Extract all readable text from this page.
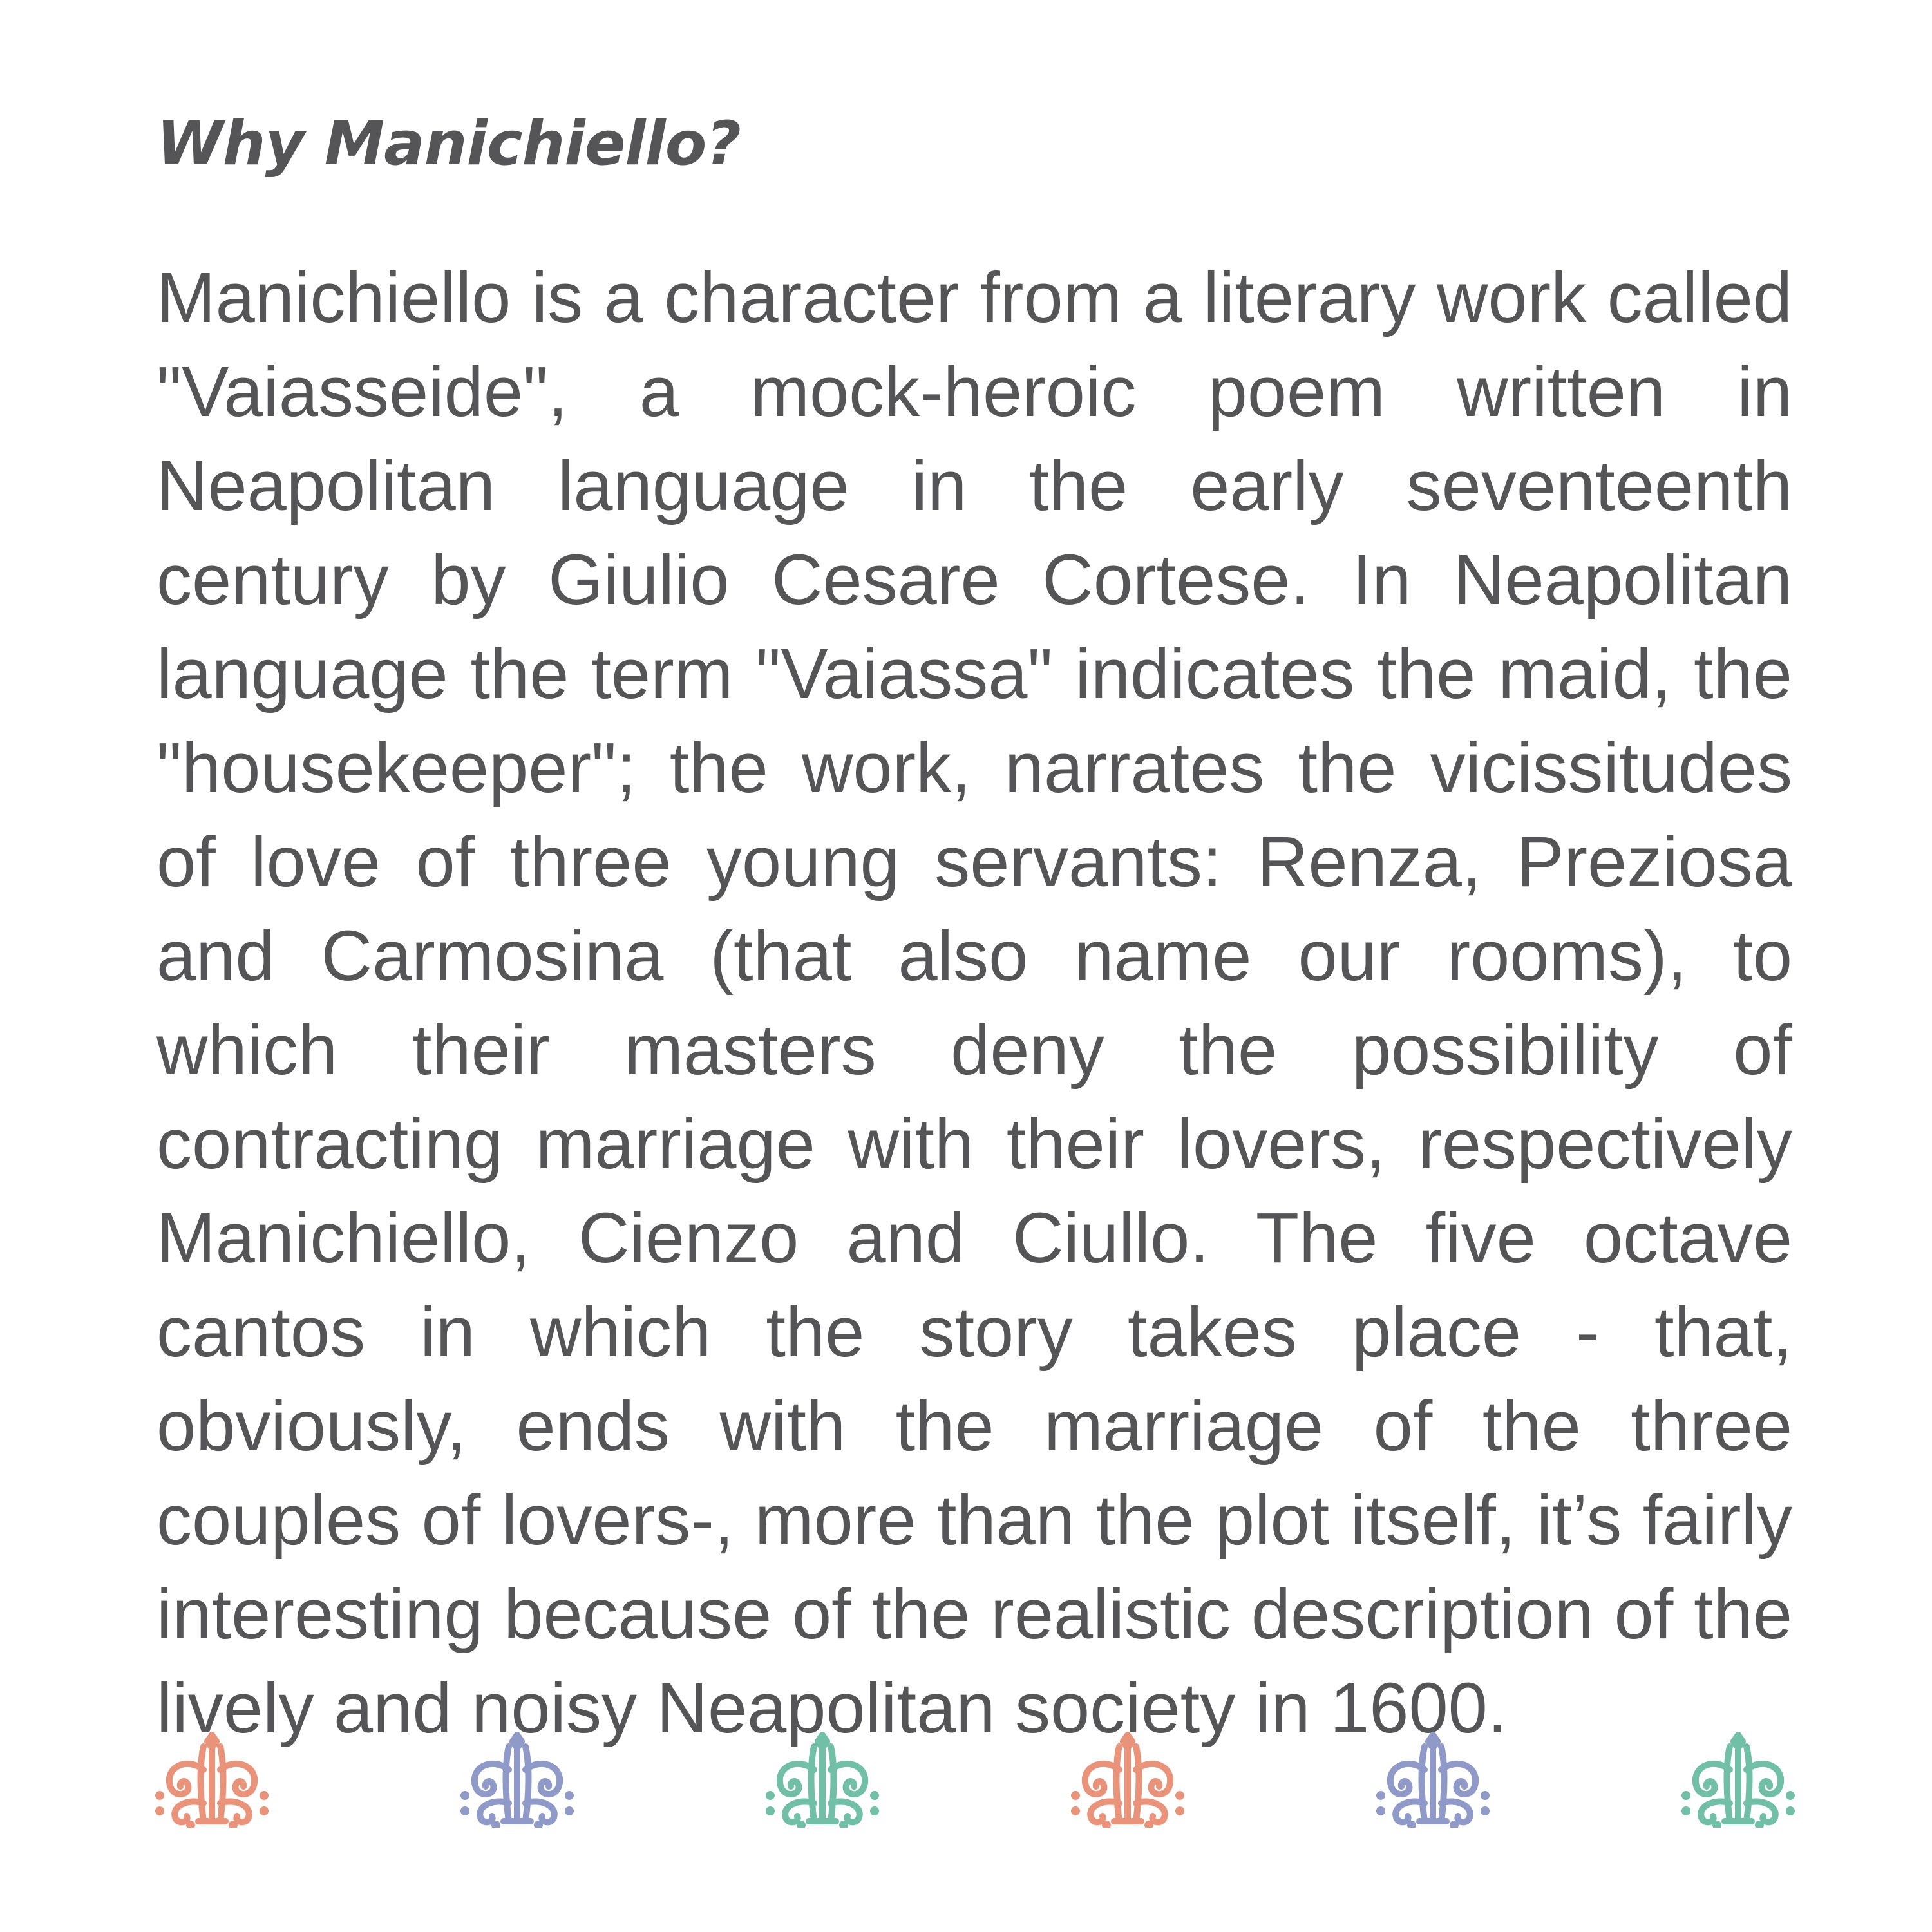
Why Manichiello?

Manichiello is a character from a literary work called "Vaiasseide", a mock-heroic poem written in Neapolitan language in the early seventeenth century by Giulio Cesare Cortese. In Neapolitan language the term "Vaiassa" indicates the maid, the "housekeeper"; the work, narrates the vicissitudes of love of three young servants: Renza, Preziosa and Carmosina (that also name our rooms), to which their masters deny the possibility of contracting marriage with their lovers, respectively Manichiello, Cienzo and Ciullo. The five octave cantos in which the story takes place - that, obviously, ends with the marriage of the three couples of lovers-, more than the plot itself, it’s fairly interesting because of the realistic description of the lively and noisy Neapolitan society in 1600.
